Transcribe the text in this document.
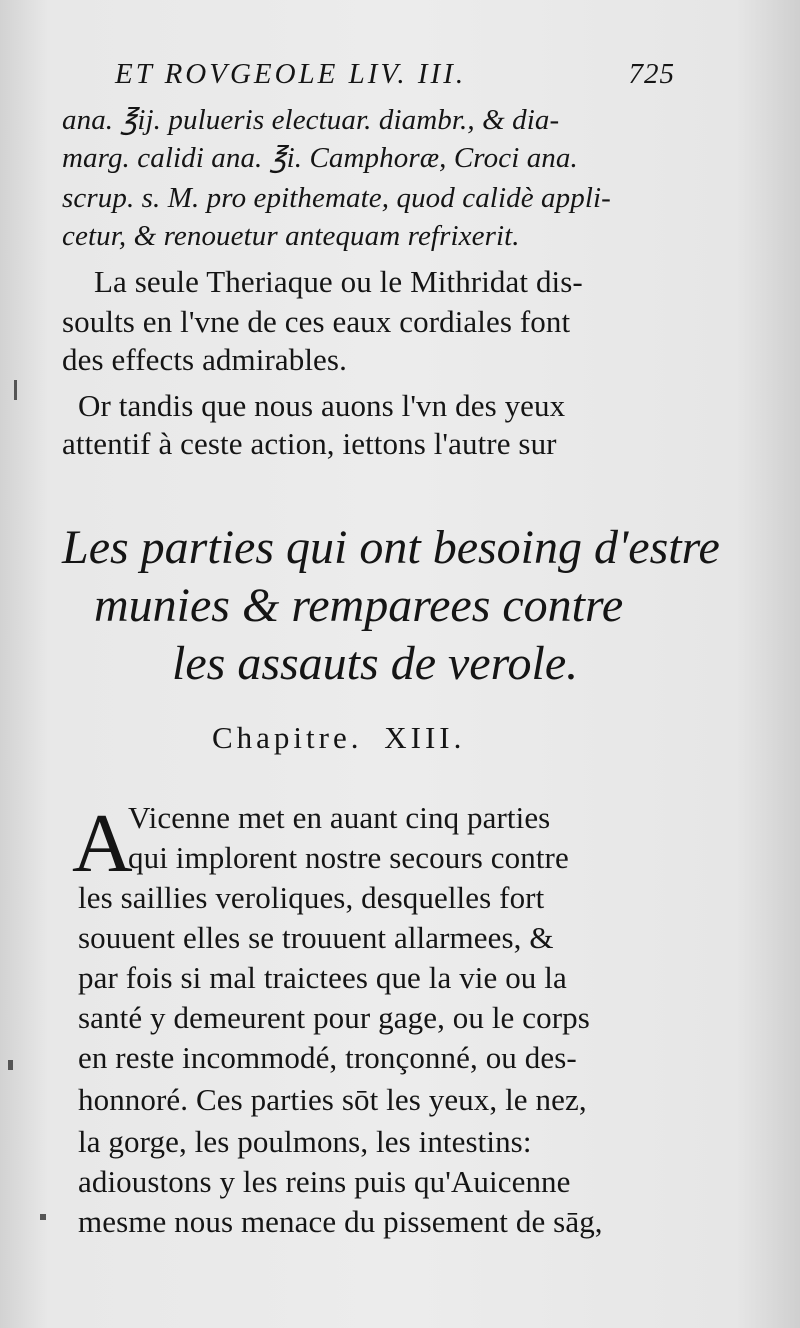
ET ROVGEOLE LIV. III.	725
ana. ℥ij. pulueris electuar. diambr., & dia-
marg. calidi ana. ℥i. Camphoræ, Croci ana.
scrup. s. M. pro epithemate, quod calidè appli-
cetur, & renouetur antequam refrixerit.
La seule Theriaque ou le Mithridat dis-
soults en l'vne de ces eaux cordiales font
des effects admirables.
Or tandis que nous auons l'vn des yeux
attentif à ceste action, iettons l'autre sur
Les parties qui ont besoing d'estre
munies & remparees contre
les assauts de verole.
Chapitre. XIII.
A
Vicenne met en auant cinq parties
qui implorent nostre secours contre
les saillies veroliques, desquelles fort
souuent elles se trouuent allarmees, &
par fois si mal traictees que la vie ou la
santé y demeurent pour gage, ou le corps
en reste incommodé, tronçonné, ou des-
honnoré. Ces parties sōt les yeux, le nez,
la gorge, les poulmons, les intestins:
adioustons y les reins puis qu'Auicenne
mesme nous menace du pissement de sāg,
